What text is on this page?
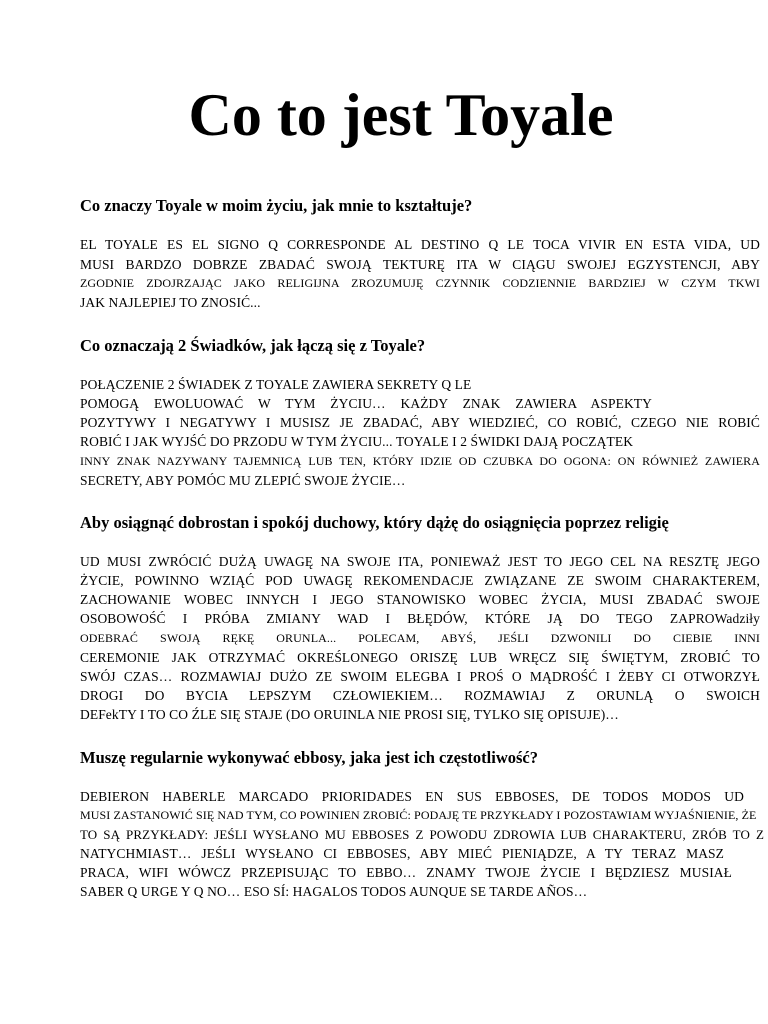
Co to jest Toyale
Co znaczy Toyale w moim życiu, jak mnie to kształtuje?

EL TOYALE ES EL SIGNO Q CORRESPONDE AL DESTINO Q LE TOCA VIVIR EN ESTA VIDA, UD

MUSI BARDZO DOBRZE ZBADAĆ SWOJĄ TEKTURĘ ITA W CIĄGU SWOJEJ EGZYSTENCJI, ABY

ZGODNIE ZDOJRZAJĄC JAKO RELIGIJNA ZROZUMUJĘ CZYNNIK CODZIENNIE BARDZIEJ W CZYM TKWI

JAK NAJLEPIEJ TO ZNOSIĆ...

Co oznaczają 2 Świadków, jak łączą się z Toyale?

POŁĄCZENIE 2 ŚWIADEK Z TOYALE ZAWIERA SEKRETY Q LE

POMOGĄ EWOLUOWAĆ W TYM ŻYCIU… KAŻDY ZNAK ZAWIERA ASPEKTY

POZYTYWY I NEGATYWY I MUSISZ JE ZBADAĆ, ABY WIEDZIEĆ, CO ROBIĆ, CZEGO NIE ROBIĆ

ROBIĆ I JAK WYJŚĆ DO PRZODU W TYM ŻYCIU... TOYALE I 2 ŚWIDKI DAJĄ POCZĄTEK

INNY ZNAK NAZYWANY TAJEMNICĄ LUB TEN, KTÓRY IDZIE OD CZUBKA DO OGONA: ON RÓWNIEŻ ZAWIERA

SECRETY, ABY POMÓC MU ZLEPIĆ SWOJE ŻYCIE…

Aby osiągnąć dobrostan i spokój duchowy, który dążę do osiągnięcia poprzez religię

UD MUSI ZWRÓCIĆ DUŻĄ UWAGĘ NA SWOJE ITA, PONIEWAŻ JEST TO JEGO CEL NA RESZTĘ JEGO

ŻYCIE, POWINNO WZIĄĆ POD UWAGĘ REKOMENDACJE ZWIĄZANE ZE SWOIM CHARAKTEREM,

ZACHOWANIE WOBEC INNYCH I JEGO STANOWISKO WOBEC ŻYCIA, MUSI ZBADAĆ SWOJE

OSOBOWOŚĆ I PRÓBA ZMIANY WAD I BŁĘDÓW, KTÓRE JĄ DO TEGO ZAPROWadziły

ODEBRAĆ SWOJĄ RĘKĘ ORUNLA... POLECAM, ABYŚ, JEŚLI DZWONILI DO CIEBIE INNI

CEREMONIE JAK OTRZYMAĆ OKREŚLONEGO ORISZĘ LUB WRĘCZ SIĘ ŚWIĘTYM, ZROBIĆ TO

SWÓJ CZAS… ROZMAWIAJ DUŻO ZE SWOIM ELEGBA I PROŚ O MĄDROŚĆ I ŻEBY CI OTWORZYŁ

DROGI DO BYCIA LEPSZYM CZŁOWIEKIEM… ROZMAWIAJ Z ORUNLĄ O SWOICH

DEFekTY I TO CO ŹLE SIĘ STAJE (DO ORUINLA NIE PROSI SIĘ, TYLKO SIĘ OPISUJE)…

Muszę regularnie wykonywać ebbosy, jaka jest ich częstotliwość?

DEBIERON HABERLE MARCADO PRIORIDADES EN SUS EBBOSES, DE TODOS MODOS UD

MUSI ZASTANOWIĆ SIĘ NAD TYM, CO POWINIEN ZROBIĆ: PODAJĘ TE PRZYKŁADY I POZOSTAWIAM WYJAŚNIENIE, ŻE

TO SĄ PRZYKŁADY: JEŚLI WYSŁANO MU EBBOSES Z POWODU ZDROWIA LUB CHARAKTERU, ZRÓB TO Z

NATYCHMIAST… JEŚLI WYSŁANO CI EBBOSES, ABY MIEĆ PIENIĄDZE, A TY TERAZ MASZ

PRACA, WIFI WÓWCZ PRZEPISUJĄC TO EBBO… ZNAMY TWOJE ŻYCIE I BĘDZIESZ MUSIAŁ

SABER Q URGE Y Q NO… ESO SÍ: HAGALOS TODOS AUNQUE SE TARDE AÑOS…
